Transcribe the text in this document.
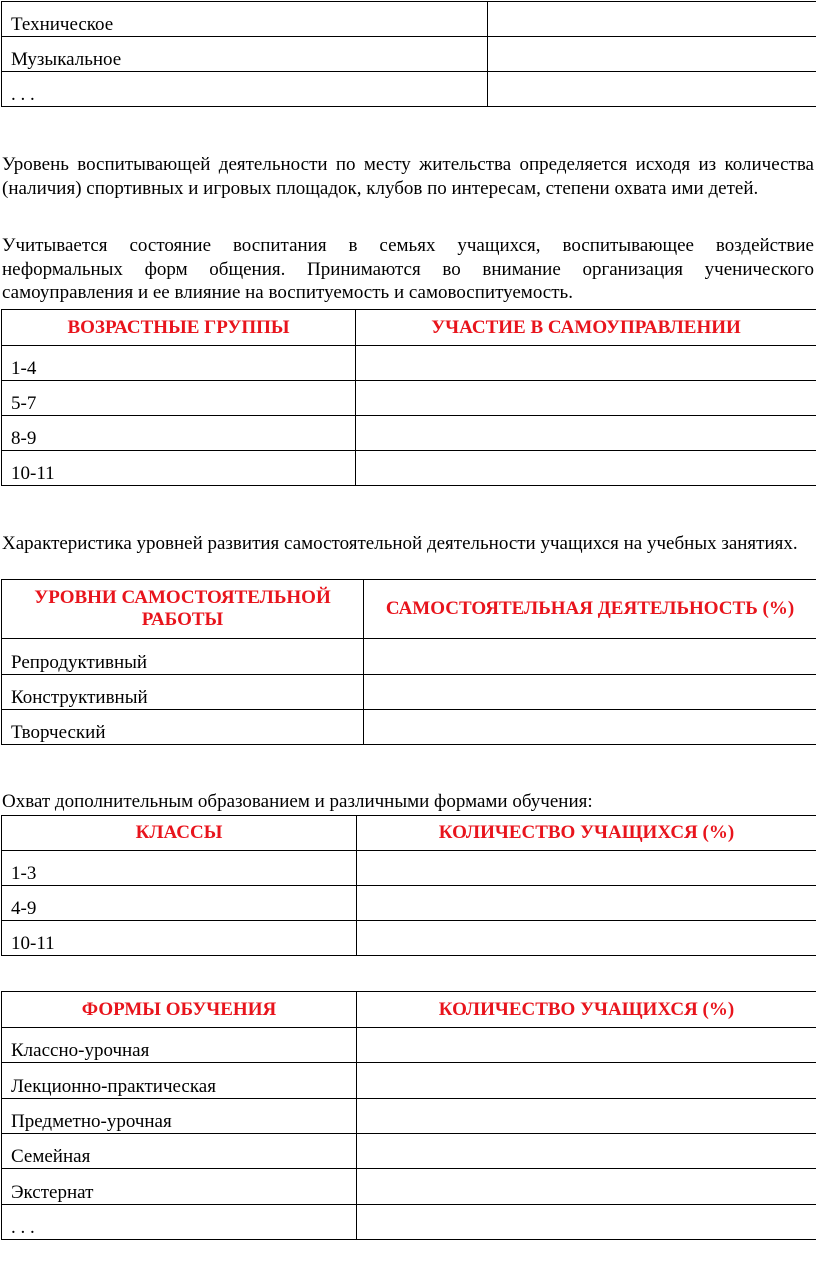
Техническое	
Музыкальное	
. . .	
Уровень воспитывающей деятельности по месту жительства определяется исходя из количества (наличия) спортивных и игровых площадок, клубов по интересам, степени охвата ими детей.
Учитывается состояние воспитания в семьях учащихся, воспитывающее воздействие неформальных форм общения. Принимаются во внимание организация ученического самоуправления и ее влияние на воспитуемость и самовоспитуемость.
ВОЗРАСТНЫЕ ГРУППЫ	УЧАСТИЕ В САМОУПРАВЛЕНИИ
1-4	
5-7	
8-9	
10-11	
Характеристика уровней развития самостоятельной деятельности учащихся на учебных занятиях.
УРОВНИ САМОСТОЯТЕЛЬНОЙ РАБОТЫ	САМОСТОЯТЕЛЬНАЯ ДЕЯТЕЛЬНОСТЬ (%)
Репродуктивный	
Конструктивный	
Творческий	
Охват дополнительным образованием и различными формами обучения:
КЛАССЫ	КОЛИЧЕСТВО УЧАЩИХСЯ (%)
1-3	
4-9	
10-11	
ФОРМЫ ОБУЧЕНИЯ	КОЛИЧЕСТВО УЧАЩИХСЯ (%)
Классно-урочная	
Лекционно-практическая	
Предметно-урочная	
Семейная	
Экстернат	
. . .	
